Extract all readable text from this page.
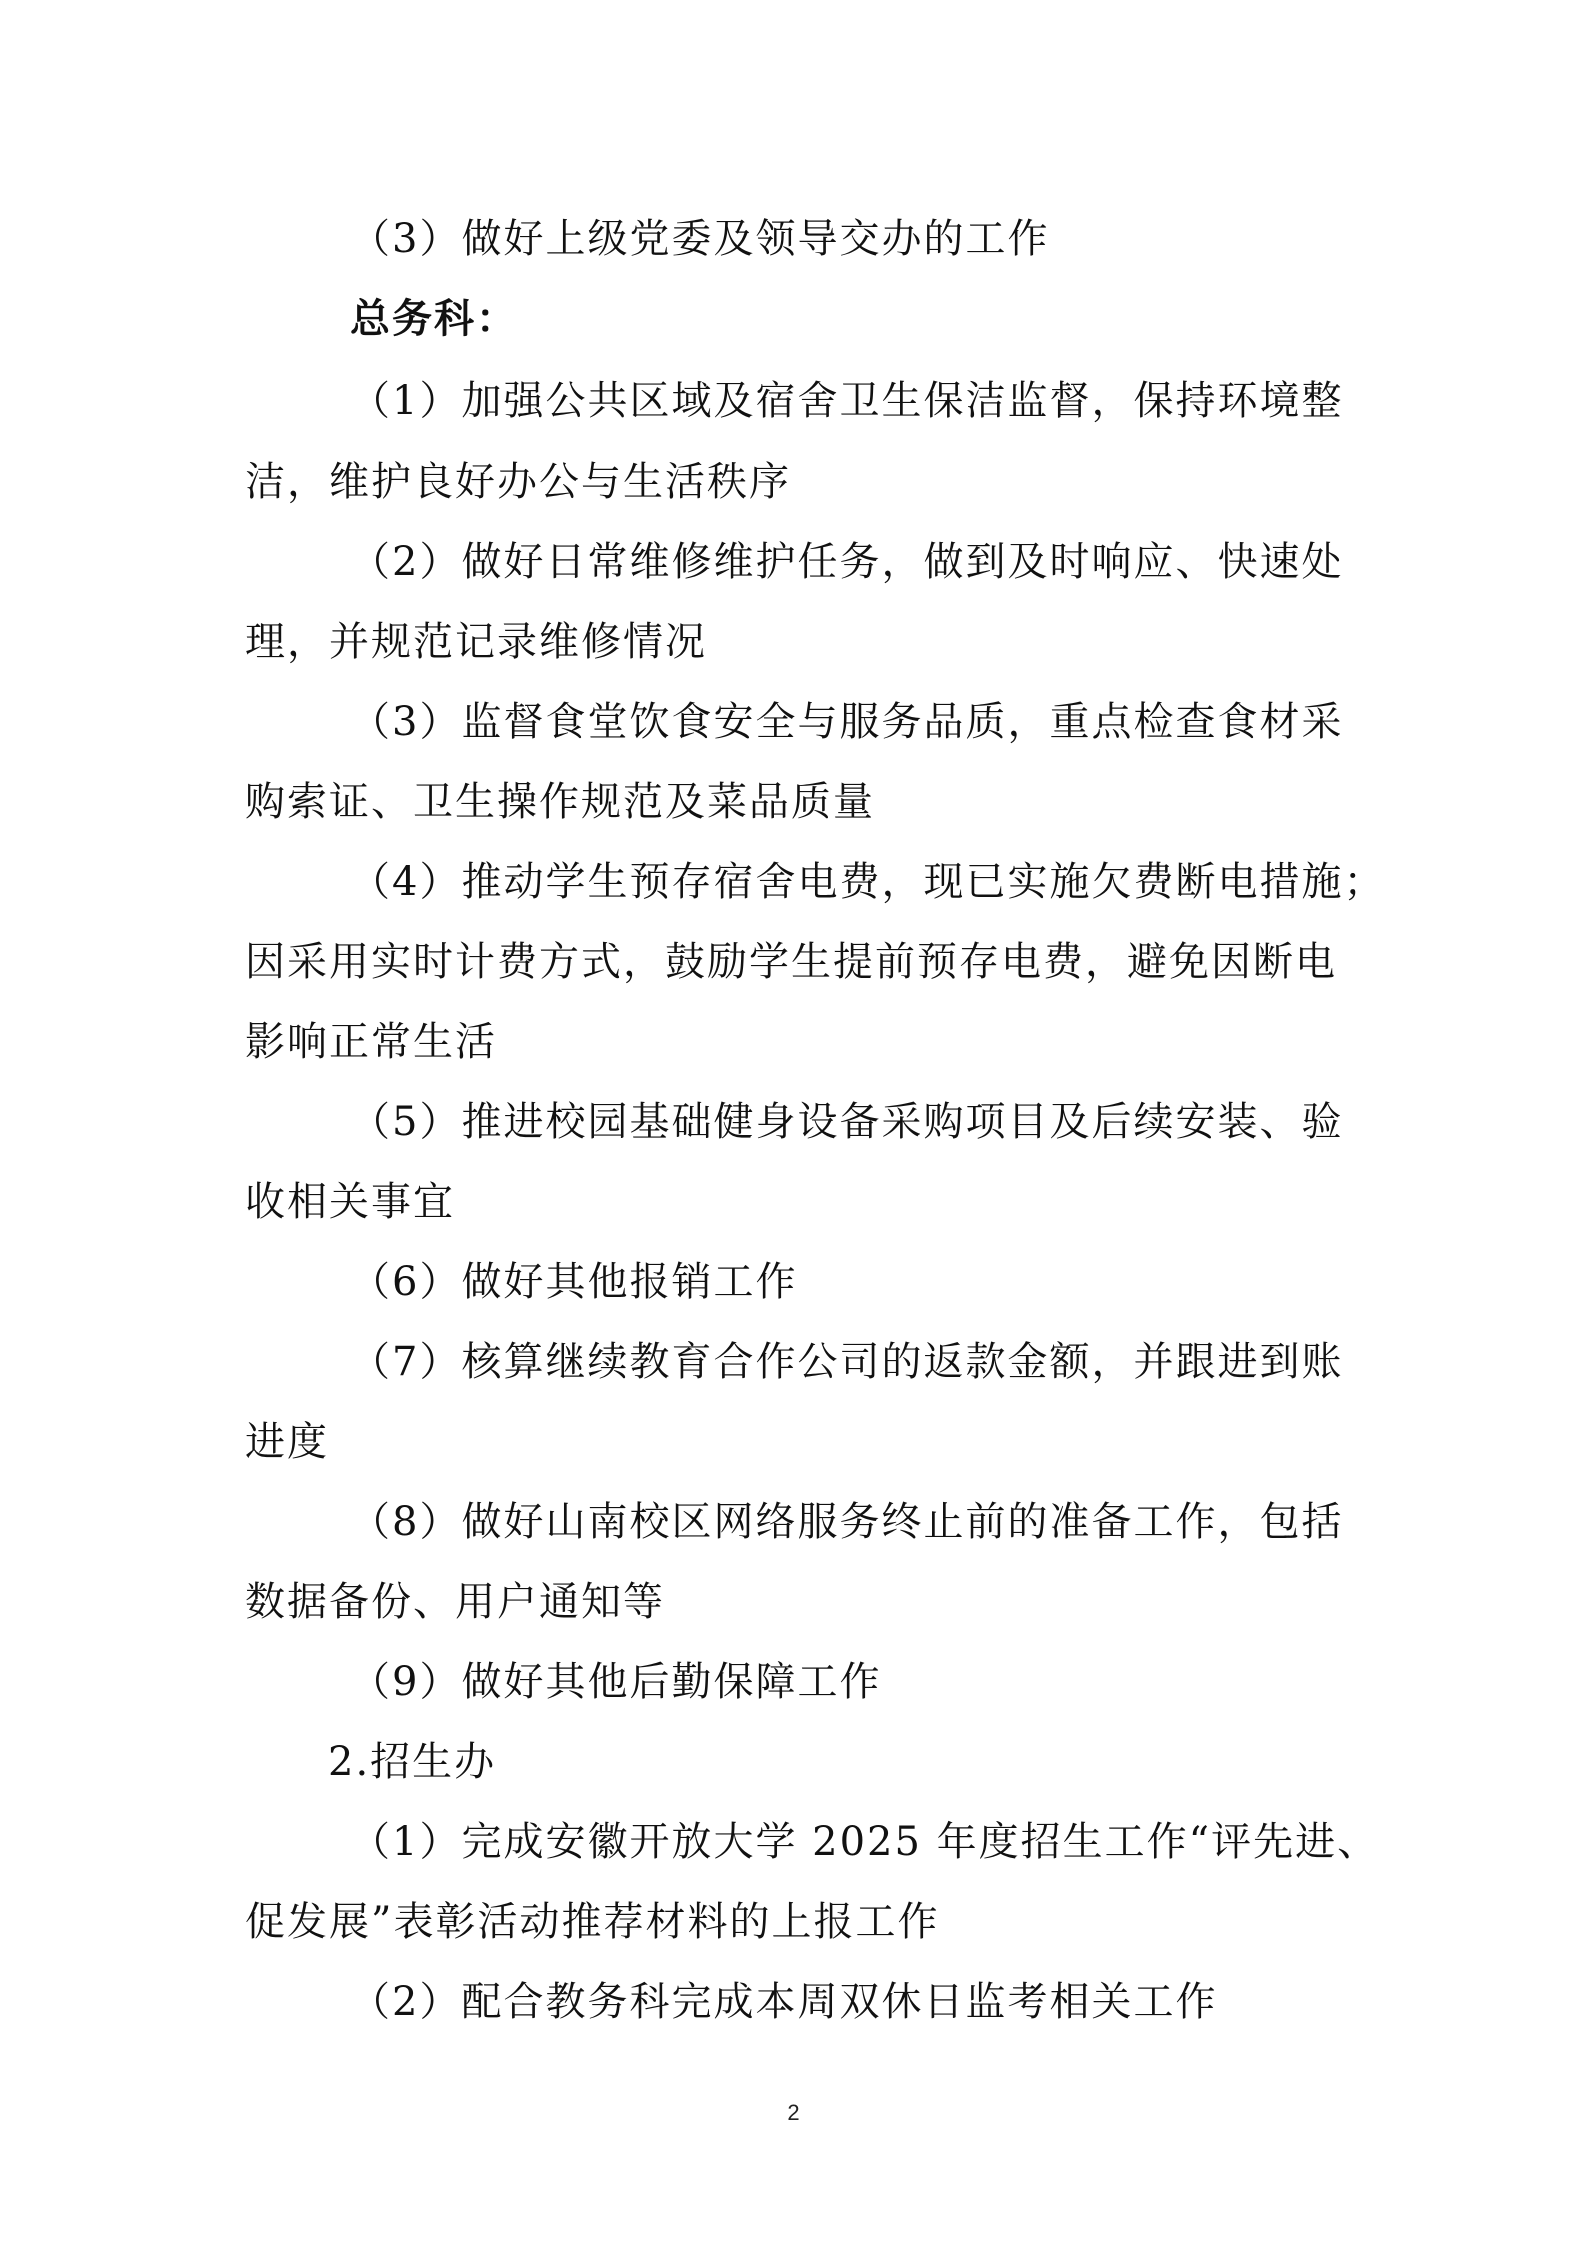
（3）做好上级党委及领导交办的工作
总务科：
（1）加强公共区域及宿舍卫生保洁监督，保持环境整
洁，维护良好办公与生活秩序
（2）做好日常维修维护任务，做到及时响应、快速处
理，并规范记录维修情况
（3）监督食堂饮食安全与服务品质，重点检查食材采
购索证、卫生操作规范及菜品质量
（4）推动学生预存宿舍电费，现已实施欠费断电措施；
因采用实时计费方式，鼓励学生提前预存电费，避免因断电
影响正常生活
（5）推进校园基础健身设备采购项目及后续安装、验
收相关事宜
（6）做好其他报销工作
（7）核算继续教育合作公司的返款金额，并跟进到账
进度
（8）做好山南校区网络服务终止前的准备工作，包括
数据备份、用户通知等
（9）做好其他后勤保障工作
2.招生办
（1）完成安徽开放大学 2025 年度招生工作“评先进、
促发展”表彰活动推荐材料的上报工作
（2）配合教务科完成本周双休日监考相关工作
2
